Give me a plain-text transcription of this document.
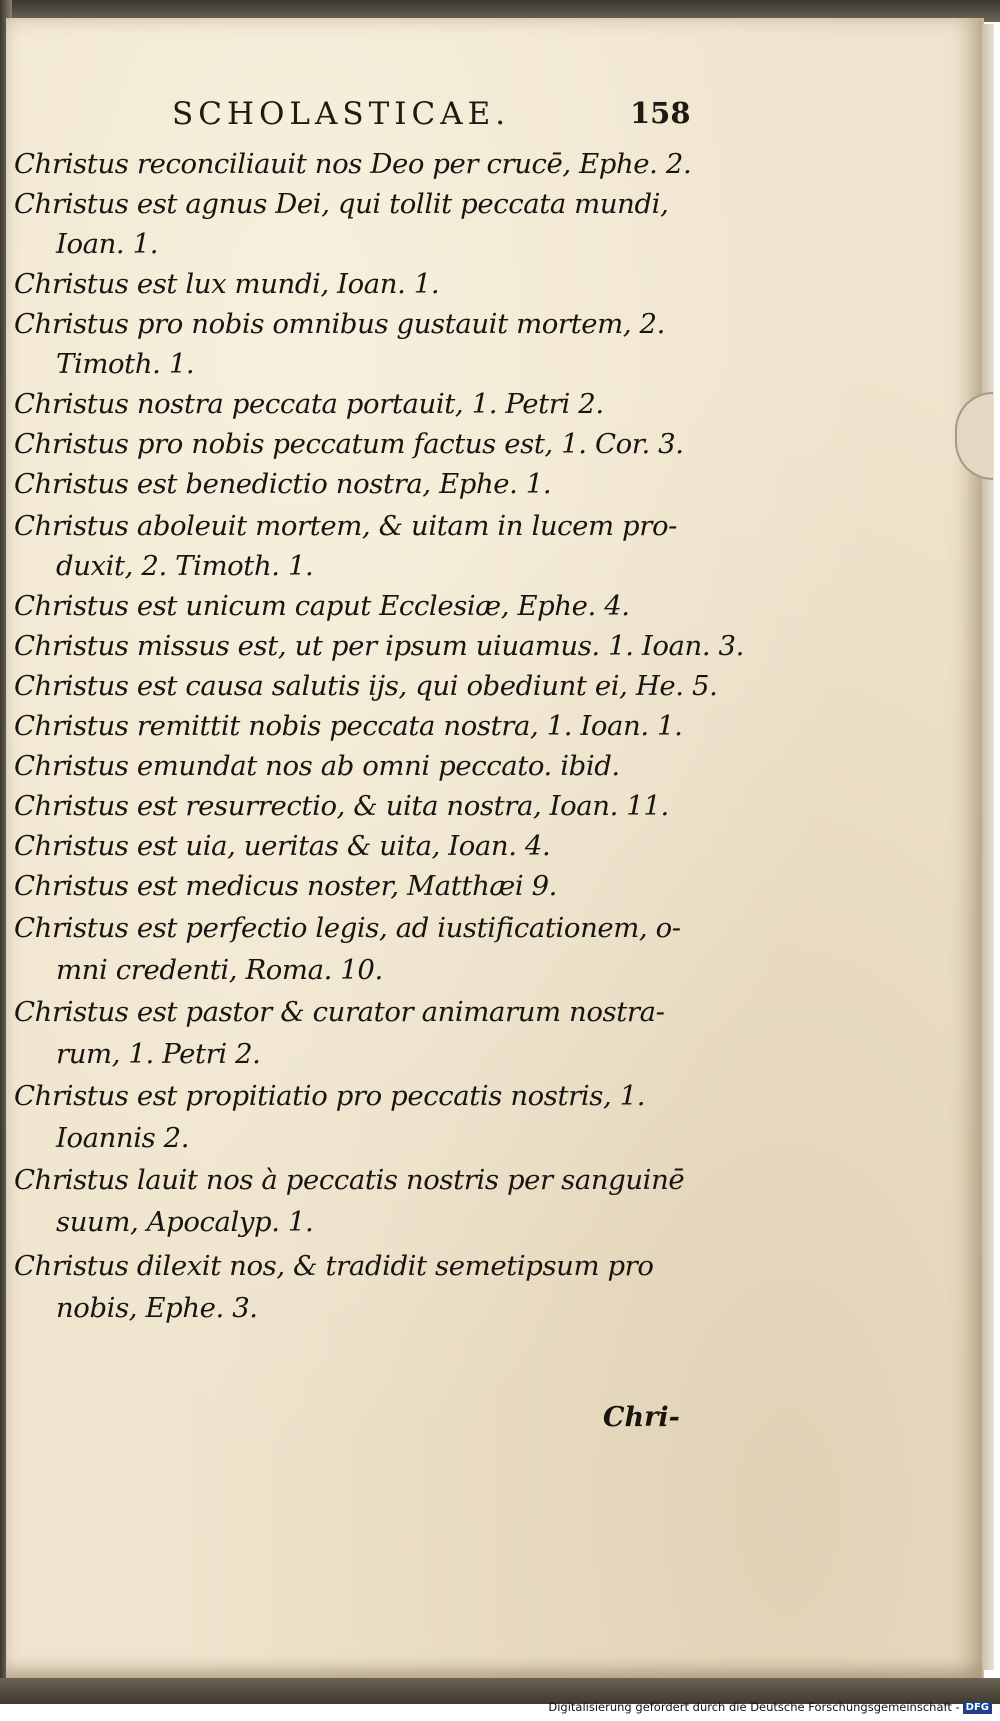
SCHOLASTICAE.	158
Christus reconciliauit nos Deo per crucē, Ephe. 2.
Christus est agnus Dei, qui tollit peccata mundi,
Ioan. 1.
Christus est lux mundi, Ioan. 1.
Christus pro nobis omnibus gustauit mortem, 2.
Timoth. 1.
Christus nostra peccata portauit, 1. Petri 2.
Christus pro nobis peccatum factus est, 1. Cor. 3.
Christus est benedictio nostra, Ephe. 1.
Christus aboleuit mortem, & uitam in lucem pro-
duxit, 2. Timoth. 1.
Christus est unicum caput Ecclesiæ, Ephe. 4.
Christus missus est, ut per ipsum uiuamus. 1. Ioan. 3.
Christus est causa salutis ijs, qui obediunt ei, He. 5.
Christus remittit nobis peccata nostra, 1. Ioan. 1.
Christus emundat nos ab omni peccato. ibid.
Christus est resurrectio, & uita nostra, Ioan. 11.
Christus est uia, ueritas & uita, Ioan. 4.
Christus est medicus noster, Matthæi 9.
Christus est perfectio legis, ad iustificationem, o-
mni credenti, Roma. 10.
Christus est pastor & curator animarum nostra-
rum, 1. Petri 2.
Christus est propitiatio pro peccatis nostris, 1.
Ioannis 2.
Christus lauit nos à peccatis nostris per sanguinē
suum, Apocalyp. 1.
Christus dilexit nos, & tradidit semetipsum pro
nobis, Ephe. 3.
Chri-
Digitalisierung gefördert durch die Deutsche Forschungsgemeinschaft - DFG
